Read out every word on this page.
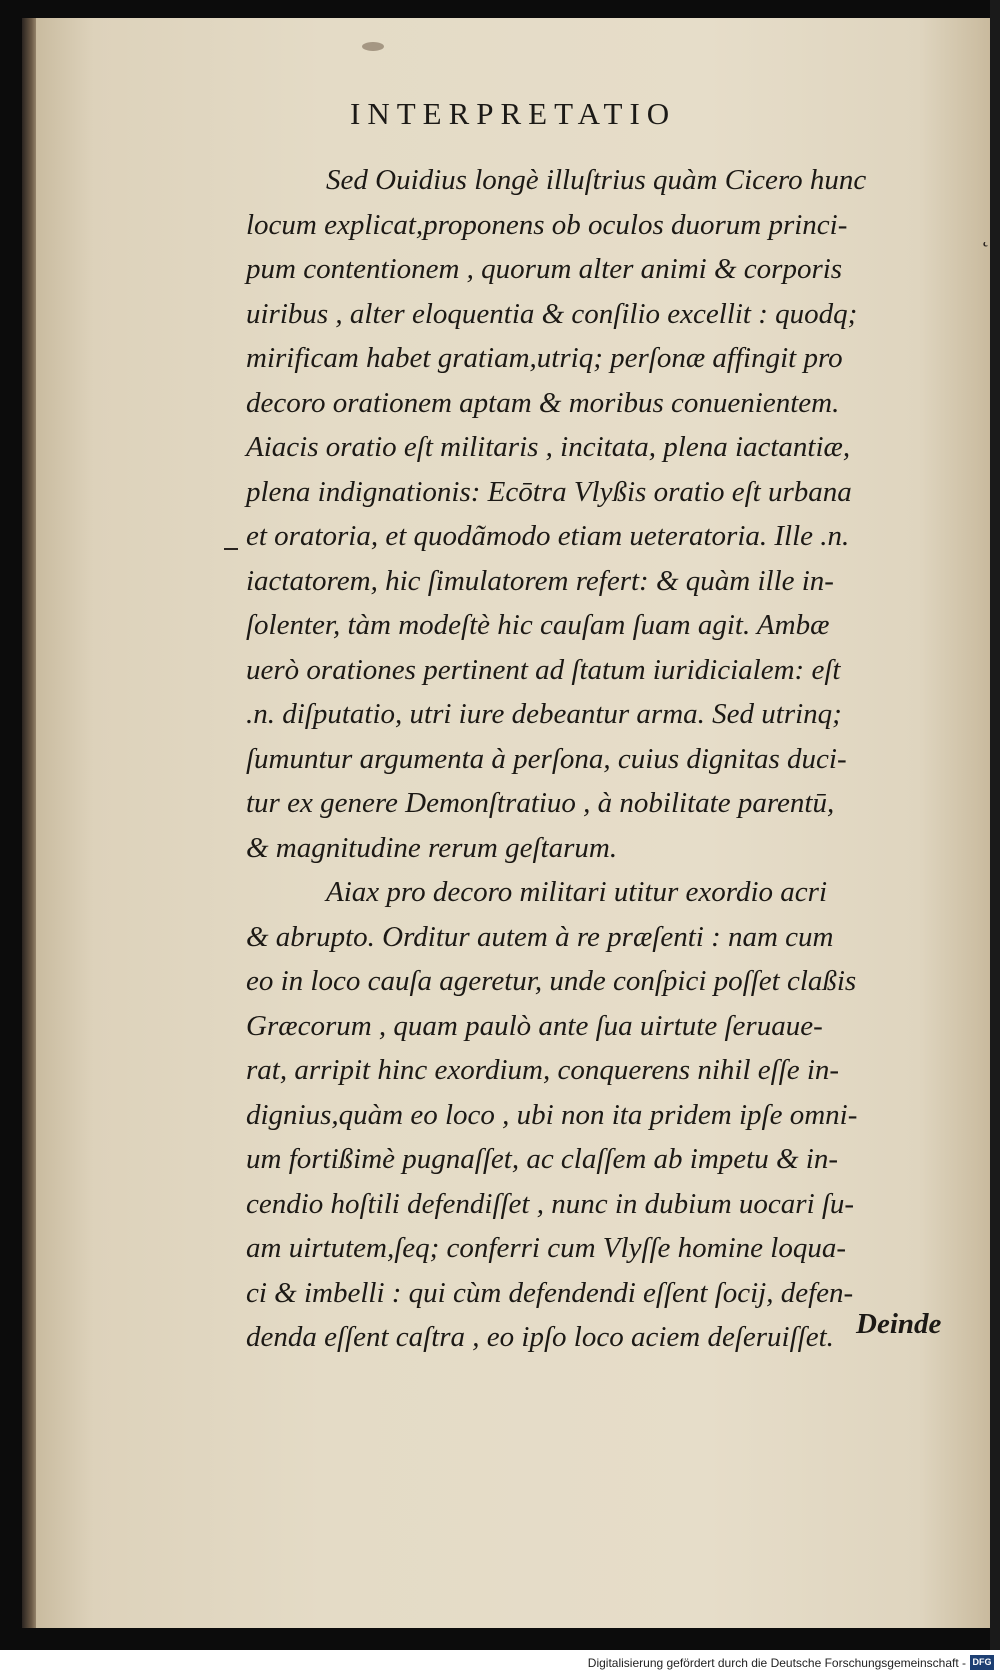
INTERPRETATIO
˛
Sed Ouidius longè illuſtrius quàm Cicero hunc
locum explicat,proponens ob oculos duorum princi-
pum contentionem , quorum alter animi & corporis
uiribus , alter eloquentia & conſilio excellit : quodq;
mirificam habet gratiam,utriq; perſonæ affingit pro
decoro orationem aptam & moribus conuenientem.
Aiacis oratio eſt militaris , incitata, plena iactantiæ,
plena indignationis: Ecōtra Vlyßis oratio eſt urbana
et oratoria, et quodãmodo etiam ueteratoria. Ille .n.
iactatorem, hic ſimulatorem refert: & quàm ille in-
ſolenter, tàm modeſtè hic cauſam ſuam agit. Ambæ
uerò orationes pertinent ad ſtatum iuridicialem: eſt
.n. diſputatio, utri iure debeantur arma. Sed utrinq;
ſumuntur argumenta à perſona, cuius dignitas duci-
tur ex genere Demonſtratiuo , à nobilitate parentū,
& magnitudine rerum geſtarum.
Aiax pro decoro militari utitur exordio acri
& abrupto. Orditur autem à re præſenti : nam cum
eo in loco cauſa ageretur, unde conſpici poſſet claßis
Græcorum , quam paulò ante ſua uirtute ſeruaue-
rat, arripit hinc exordium, conquerens nihil eſſe in-
dignius,quàm eo loco , ubi non ita pridem ipſe omni-
um fortißimè pugnaſſet, ac claſſem ab impetu & in-
cendio hoſtili defendiſſet , nunc in dubium uocari ſu-
am uirtutem,ſeq; conferri cum Vlyſſe homine loqua-
ci & imbelli : qui cùm defendendi eſſent ſocij, defen-
denda eſſent caſtra , eo ipſo loco aciem deſeruiſſet. Deinde
Digitalisierung gefördert durch die Deutsche Forschungsgemeinschaft - DFG
